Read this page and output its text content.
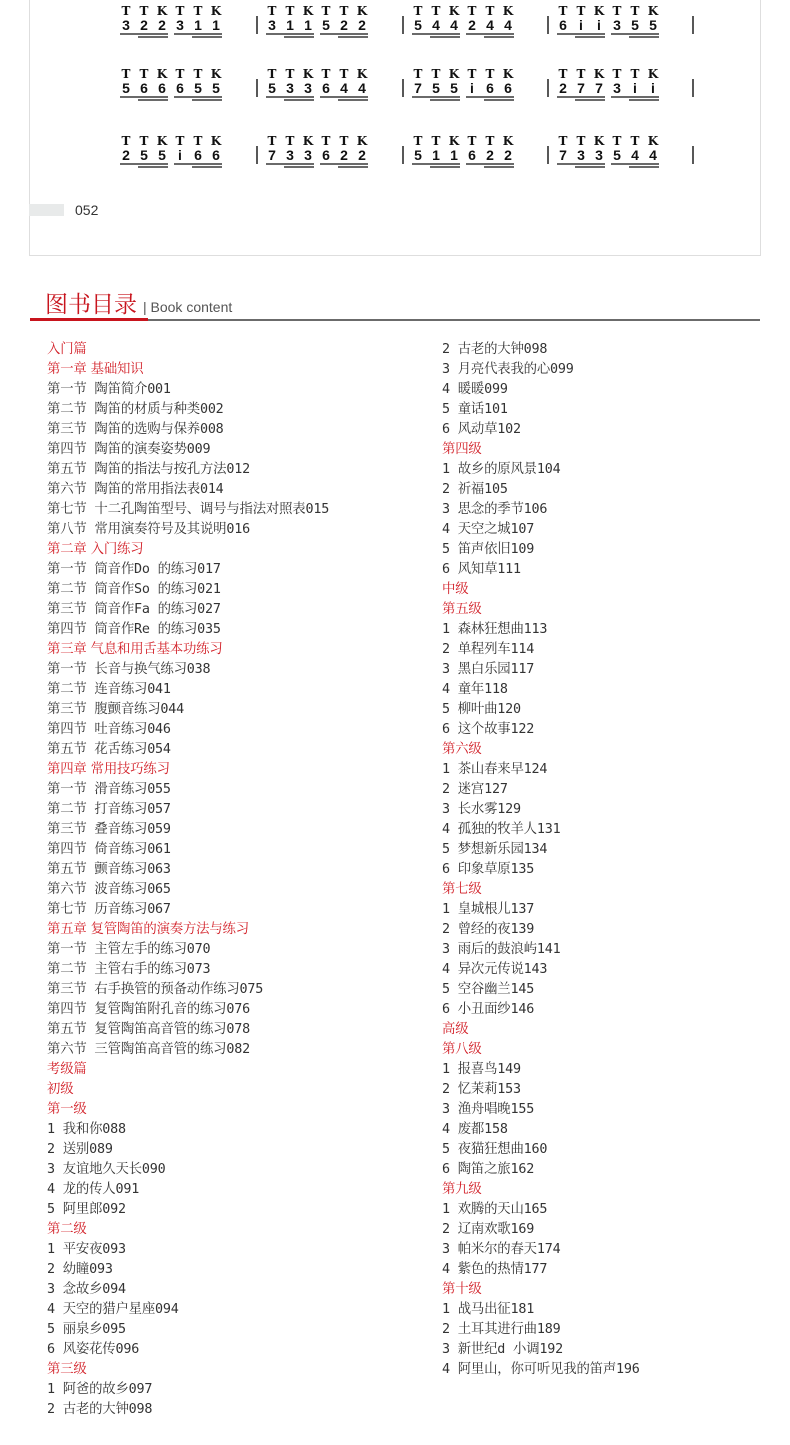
T T K T T K
3 2 2 3 1 1
T T K T T K
3 1 1 5 2 2
T T K T T K
5 4 4 2 4 4
T T K T T K
6 i i 3 5 5
T T K T T K
5 6 6 6 5 5
T T K T T K
5 3 3 6 4 4
T T K T T K
7 5 5 i 6 6
T T K T T K
2 7 7 3 i i
T T K T T K
2 5 5 i 6 6
T T K T T K
7 3 3 6 2 2
T T K T T K
5 1 1 6 2 2
T T K T T K
7 3 3 5 4 4
052
图书目录 | Book content
入门篇
第一章 基础知识
第一节 陶笛简介001
第二节 陶笛的材质与种类002
第三节 陶笛的选购与保养008
第四节 陶笛的演奏姿势009
第五节 陶笛的指法与按孔方法012
第六节 陶笛的常用指法表014
第七节 十二孔陶笛型号、调号与指法对照表015
第八节 常用演奏符号及其说明016
第二章 入门练习
第一节 筒音作Do 的练习017
第二节 筒音作So 的练习021
第三节 筒音作Fa 的练习027
第四节 筒音作Re 的练习035
第三章 气息和用舌基本功练习
第一节 长音与换气练习038
第二节 连音练习041
第三节 腹颤音练习044
第四节 吐音练习046
第五节 花舌练习054
第四章 常用技巧练习
第一节 滑音练习055
第二节 打音练习057
第三节 叠音练习059
第四节 倚音练习061
第五节 颤音练习063
第六节 波音练习065
第七节 历音练习067
第五章 复管陶笛的演奏方法与练习
第一节 主管左手的练习070
第二节 主管右手的练习073
第三节 右手换管的预备动作练习075
第四节 复管陶笛附孔音的练习076
第五节 复管陶笛高音管的练习078
第六节 三管陶笛高音管的练习082
考级篇
初级
第一级
1 我和你088
2 送别089
3 友谊地久天长090
4 龙的传人091
5 阿里郎092
第二级
1 平安夜093
2 幼瞳093
3 念故乡094
4 天空的猎户星座094
5 丽泉乡095
6 风姿花传096
第三级
1 阿爸的故乡097
2 古老的大钟098
2 古老的大钟098
3 月亮代表我的心099
4 暖暖099
5 童话101
6 风动草102
第四级
1 故乡的原风景104
2 祈福105
3 思念的季节106
4 天空之城107
5 笛声依旧109
6 风知草111
中级
第五级
1 森林狂想曲113
2 单程列车114
3 黑白乐园117
4 童年118
5 柳叶曲120
6 这个故事122
第六级
1 茶山春来早124
2 迷宫127
3 长水雾129
4 孤独的牧羊人131
5 梦想新乐园134
6 印象草原135
第七级
1 皇城根儿137
2 曾经的夜139
3 雨后的鼓浪屿141
4 异次元传说143
5 空谷幽兰145
6 小丑面纱146
高级
第八级
1 报喜鸟149
2 忆茉莉153
3 渔舟唱晚155
4 废都158
5 夜猫狂想曲160
6 陶笛之旅162
第九级
1 欢腾的天山165
2 辽南欢歌169
3 帕米尔的春天174
4 紫色的热情177
第十级
1 战马出征181
2 土耳其进行曲189
3 新世纪d 小调192
4 阿里山，你可听见我的笛声196
